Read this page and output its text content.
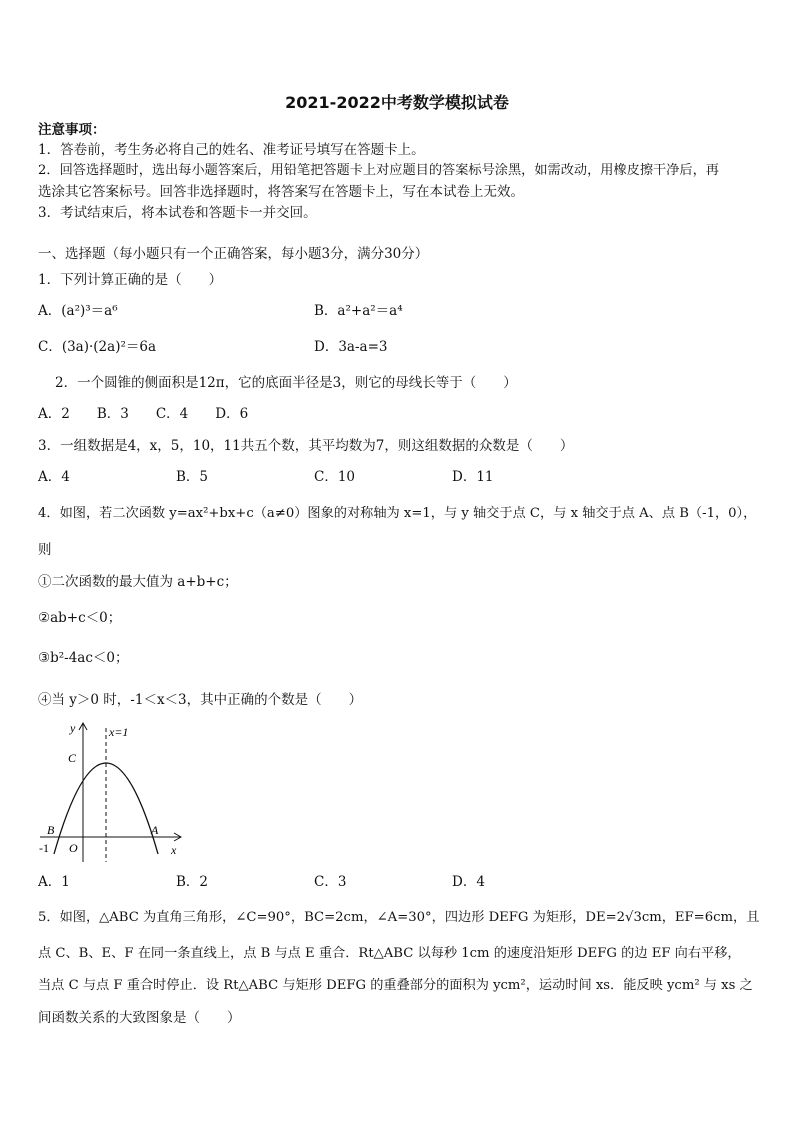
2021-2022中考数学模拟试卷
注意事项：
1．答卷前，考生务必将自己的姓名、准考证号填写在答题卡上。
2．回答选择题时，选出每小题答案后，用铅笔把答题卡上对应题目的答案标号涂黑，如需改动，用橡皮擦干净后，再
选涂其它答案标号。回答非选择题时，将答案写在答题卡上，写在本试卷上无效。
3．考试结束后，将本试卷和答题卡一并交回。
一、选择题（每小题只有一个正确答案，每小题3分，满分30分）
1．下列计算正确的是（　　）
A．(a²)³＝a⁶	B．a²+a²＝a⁴
C．(3a)·(2a)²＝6a	D．3a-a=3
2．一个圆锥的侧面积是12π，它的底面半径是3，则它的母线长等于（　　）
A．2　　B．3　　C．4　　D．6
3．一组数据是4，x，5，10，11共五个数，其平均数为7，则这组数据的众数是（　　）
A．4	B．5	C．10	D．11
4．如图，若二次函数 y=ax²+bx+c（a≠0）图象的对称轴为 x=1，与 y 轴交于点 C，与 x 轴交于点 A、点 B（-1，0），
则
①二次函数的最大值为 a+b+c；
②ab+c＜0；
③b²-4ac＜0；
④当 y＞0 时，-1＜x＜3，其中正确的个数是（　　）
y	x=1
C
B	A
-1 O	x
A．1	B．2	C．3	D．4
5．如图，△ABC 为直角三角形，∠C=90°，BC=2cm，∠A=30°，四边形 DEFG 为矩形，DE=2√3cm，EF=6cm，且
点 C、B、E、F 在同一条直线上，点 B 与点 E 重合．Rt△ABC 以每秒 1cm 的速度沿矩形 DEFG 的边 EF 向右平移，
当点 C 与点 F 重合时停止．设 Rt△ABC 与矩形 DEFG 的重叠部分的面积为 ycm²，运动时间 xs．能反映 ycm² 与 xs 之
间函数关系的大致图象是（　　）
